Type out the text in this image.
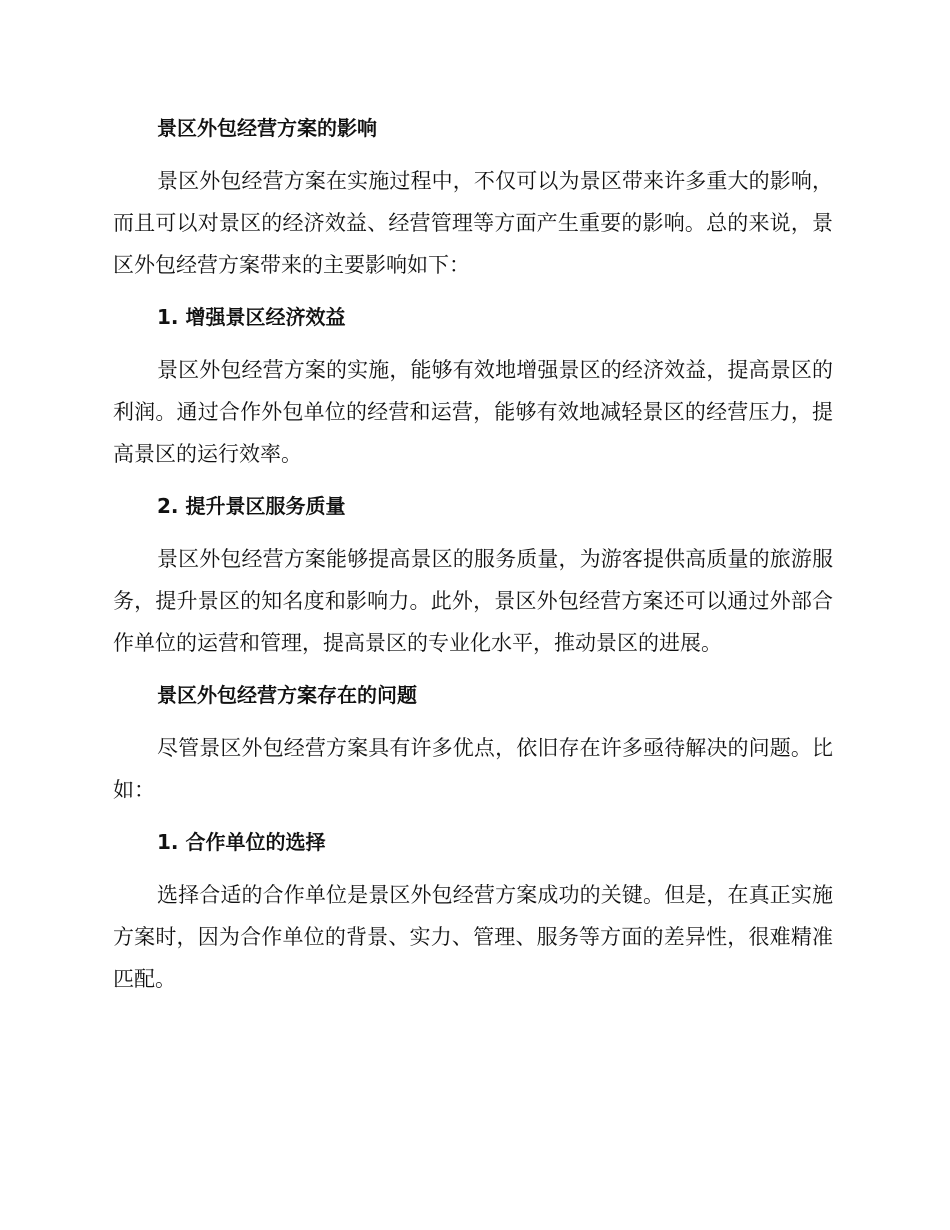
景区外包经营方案的影响

景区外包经营方案在实施过程中，不仅可以为景区带来许多重大的影响，而且可以对景区的经济效益、经营管理等方面产生重要的影响。总的来说，景区外包经营方案带来的主要影响如下：

1. 增强景区经济效益

景区外包经营方案的实施，能够有效地增强景区的经济效益，提高景区的利润。通过合作外包单位的经营和运营，能够有效地减轻景区的经营压力，提高景区的运行效率。

2. 提升景区服务质量

景区外包经营方案能够提高景区的服务质量，为游客提供高质量的旅游服务，提升景区的知名度和影响力。此外，景区外包经营方案还可以通过外部合作单位的运营和管理，提高景区的专业化水平，推动景区的进展。

景区外包经营方案存在的问题

尽管景区外包经营方案具有许多优点，依旧存在许多亟待解决的问题。比如：

1. 合作单位的选择

选择合适的合作单位是景区外包经营方案成功的关键。但是，在真正实施方案时，因为合作单位的背景、实力、管理、服务等方面的差异性，很难精准匹配。
